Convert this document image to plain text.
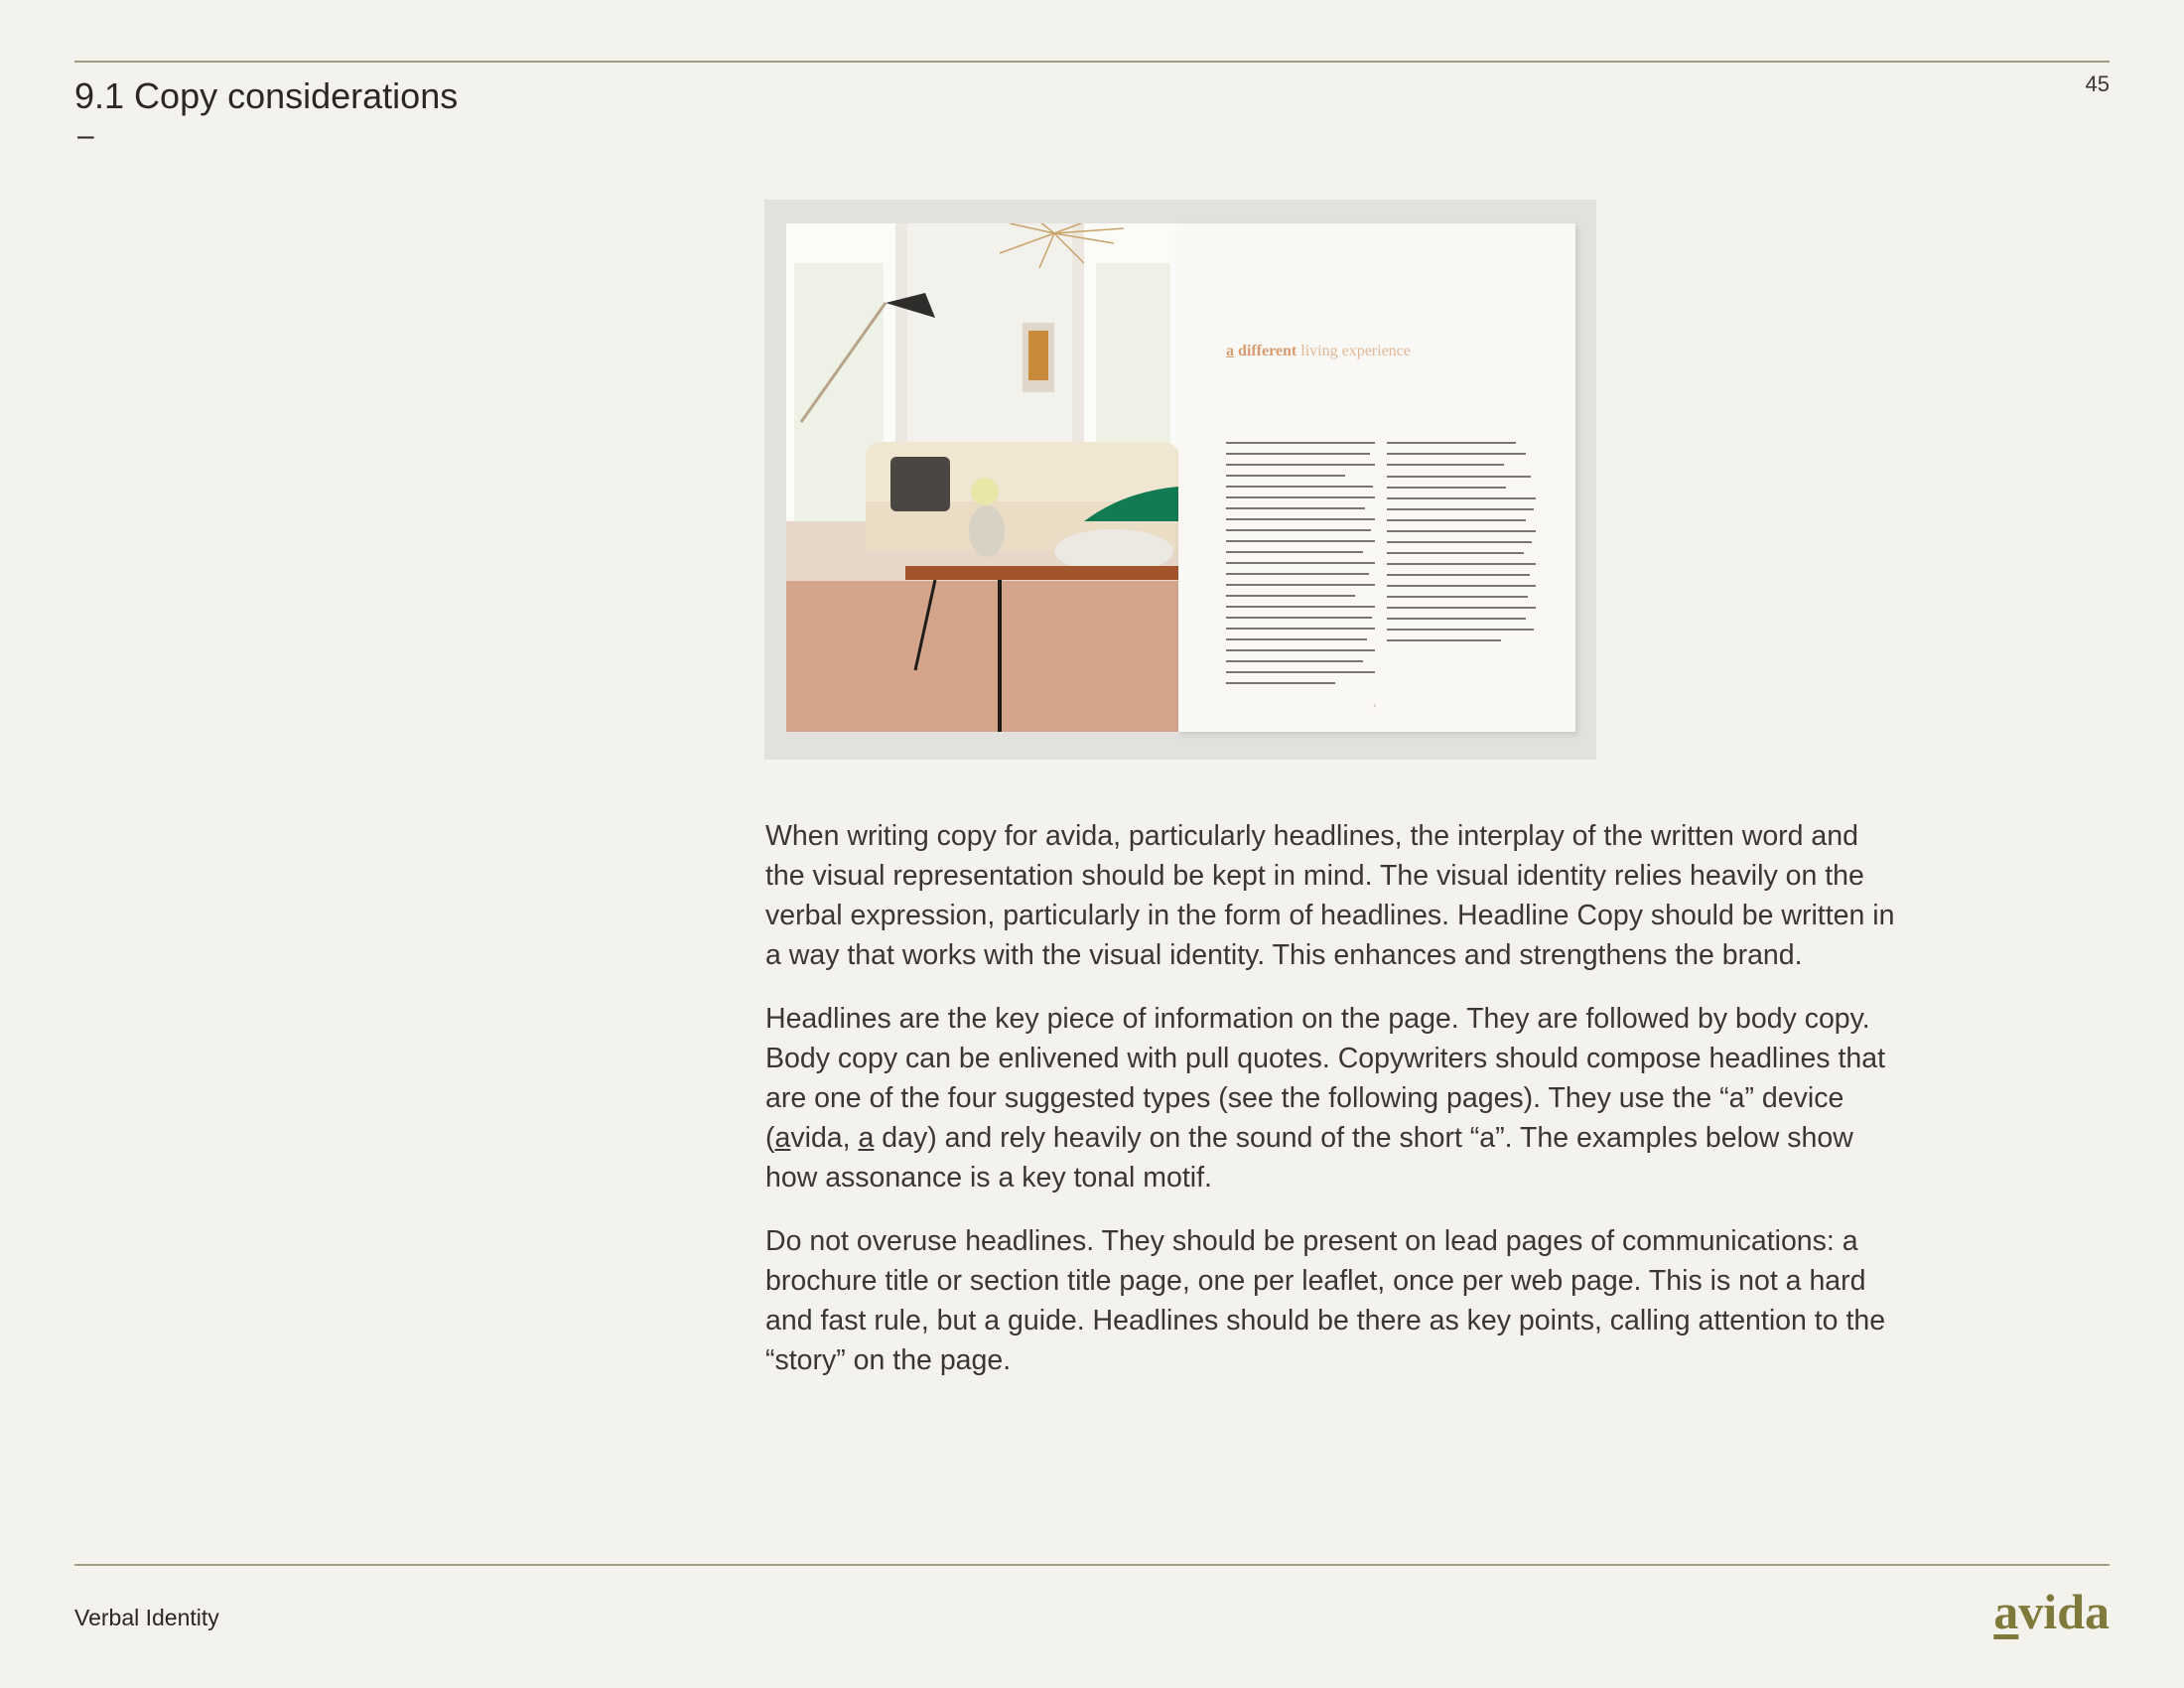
9.1 Copy considerations
–
45
a different living experience
›

When writing copy for avida, particularly headlines, the interplay of the written word and the visual representation should be kept in mind. The visual identity relies heavily on the verbal expression, particularly in the form of headlines. Headline Copy should be written in a way that works with the visual identity. This enhances and strengthens the brand.

Headlines are the key piece of information on the page. They are followed by body copy. Body copy can be enlivened with pull quotes. Copywriters should compose headlines that are one of the four suggested types (see the following pages). They use the “a” device (avida, a day) and rely heavily on the sound of the short “a”. The examples below show how assonance is a key tonal motif.

Do not overuse headlines. They should be present on lead pages of communications: a brochure title or section title page, one per leaflet, once per web page. This is not a hard and fast rule, but a guide. Headlines should be there as key points, calling attention to the “story” on the page.

Verbal Identity	avida
